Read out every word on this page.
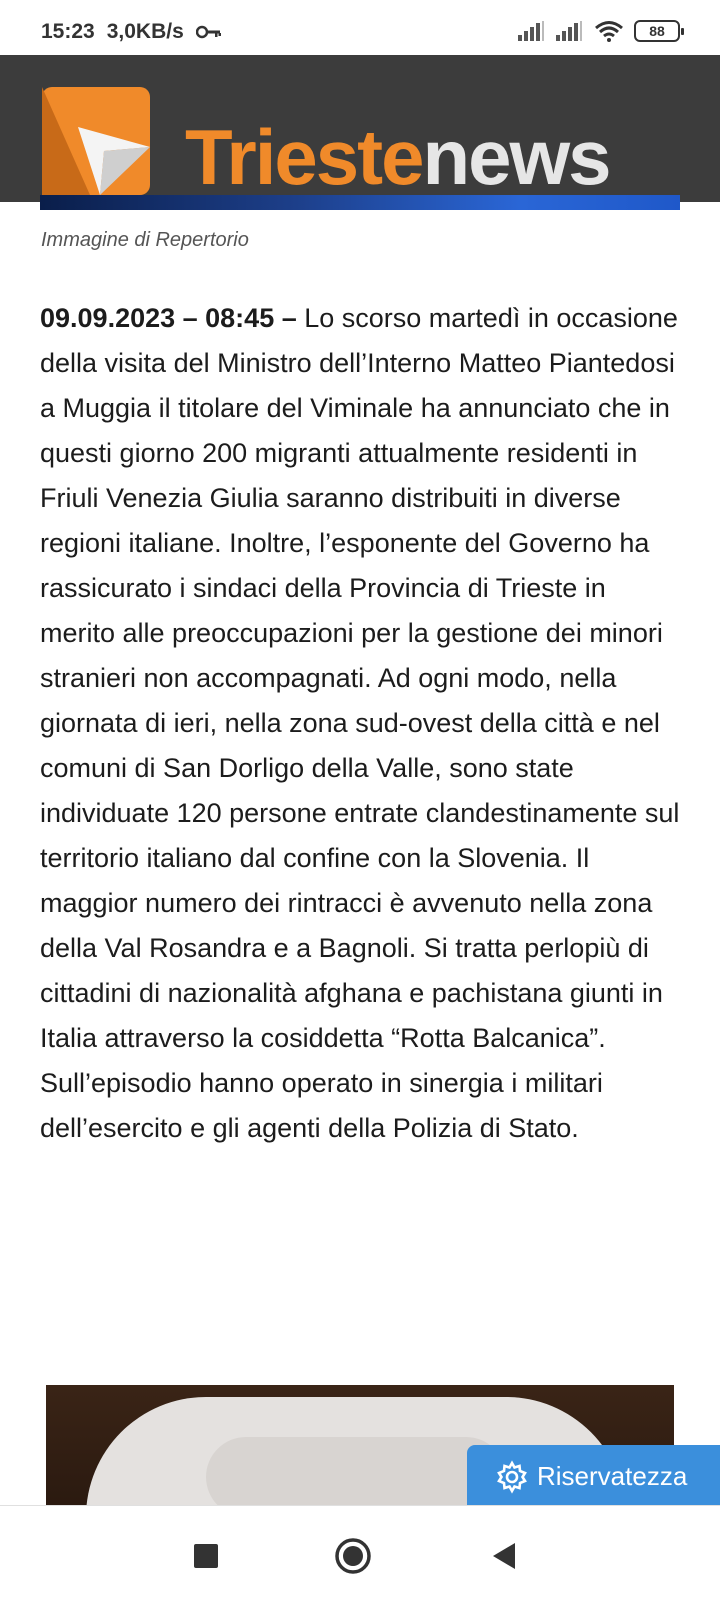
15:23 3,0KB/s	88
Triestenews
Immagine di Repertorio
09.09.2023 – 08:45 – Lo scorso martedì in occasione della visita del Ministro dell’Interno Matteo Piantedosi a Muggia il titolare del Viminale ha annunciato che in questi giorno 200 migranti attualmente residenti in Friuli Venezia Giulia saranno distribuiti in diverse regioni italiane. Inoltre, l’esponente del Governo ha rassicurato i sindaci della Provincia di Trieste in merito alle preoccupazioni per la gestione dei minori stranieri non accompagnati. Ad ogni modo, nella giornata di ieri, nella zona sud-ovest della città e nel comuni di San Dorligo della Valle, sono state individuate 120 persone entrate clandestinamente sul territorio italiano dal confine con la Slovenia. Il maggior numero dei rintracci è avvenuto nella zona della Val Rosandra e a Bagnoli. Si tratta perlopiù di cittadini di nazionalità afghana e pachistana giunti in Italia attraverso la cosiddetta “Rotta Balcanica”. Sull’episodio hanno operato in sinergia i militari dell’esercito e gli agenti della Polizia di Stato.
Riservatezza
